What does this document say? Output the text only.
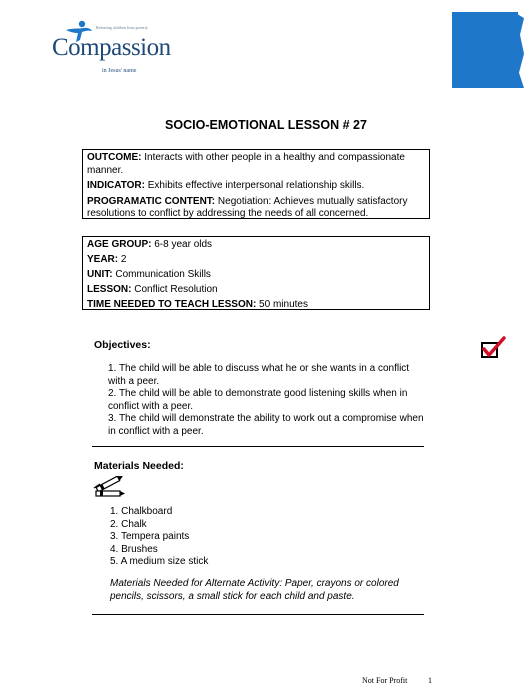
Releasing children from poverty
Compassion
in Jesus' name
SOCIO-EMOTIONAL LESSON # 27

OUTCOME: Interacts with other people in a healthy and compassionate manner.

INDICATOR: Exhibits effective interpersonal relationship skills.

PROGRAMATIC CONTENT: Negotiation: Achieves mutually satisfactory resolutions to conflict by addressing the needs of all concerned.

AGE GROUP: 6-8 year olds

YEAR: 2

UNIT: Communication Skills

LESSON: Conflict Resolution

TIME NEEDED TO TEACH LESSON: 50 minutes

Objectives:
1. The child will be able to discuss what he or she wants in a conflict with a peer.
2. The child will be able to demonstrate good listening skills when in conflict with a peer.
3. The child will demonstrate the ability to work out a compromise when in conflict with a peer.
Materials Needed:
1. Chalkboard
2. Chalk
3. Tempera paints
4. Brushes
5. A medium size stick
Materials Needed for Alternate Activity: Paper, crayons or colored pencils, scissors, a small stick for each child and paste.
Not For Profit	1
